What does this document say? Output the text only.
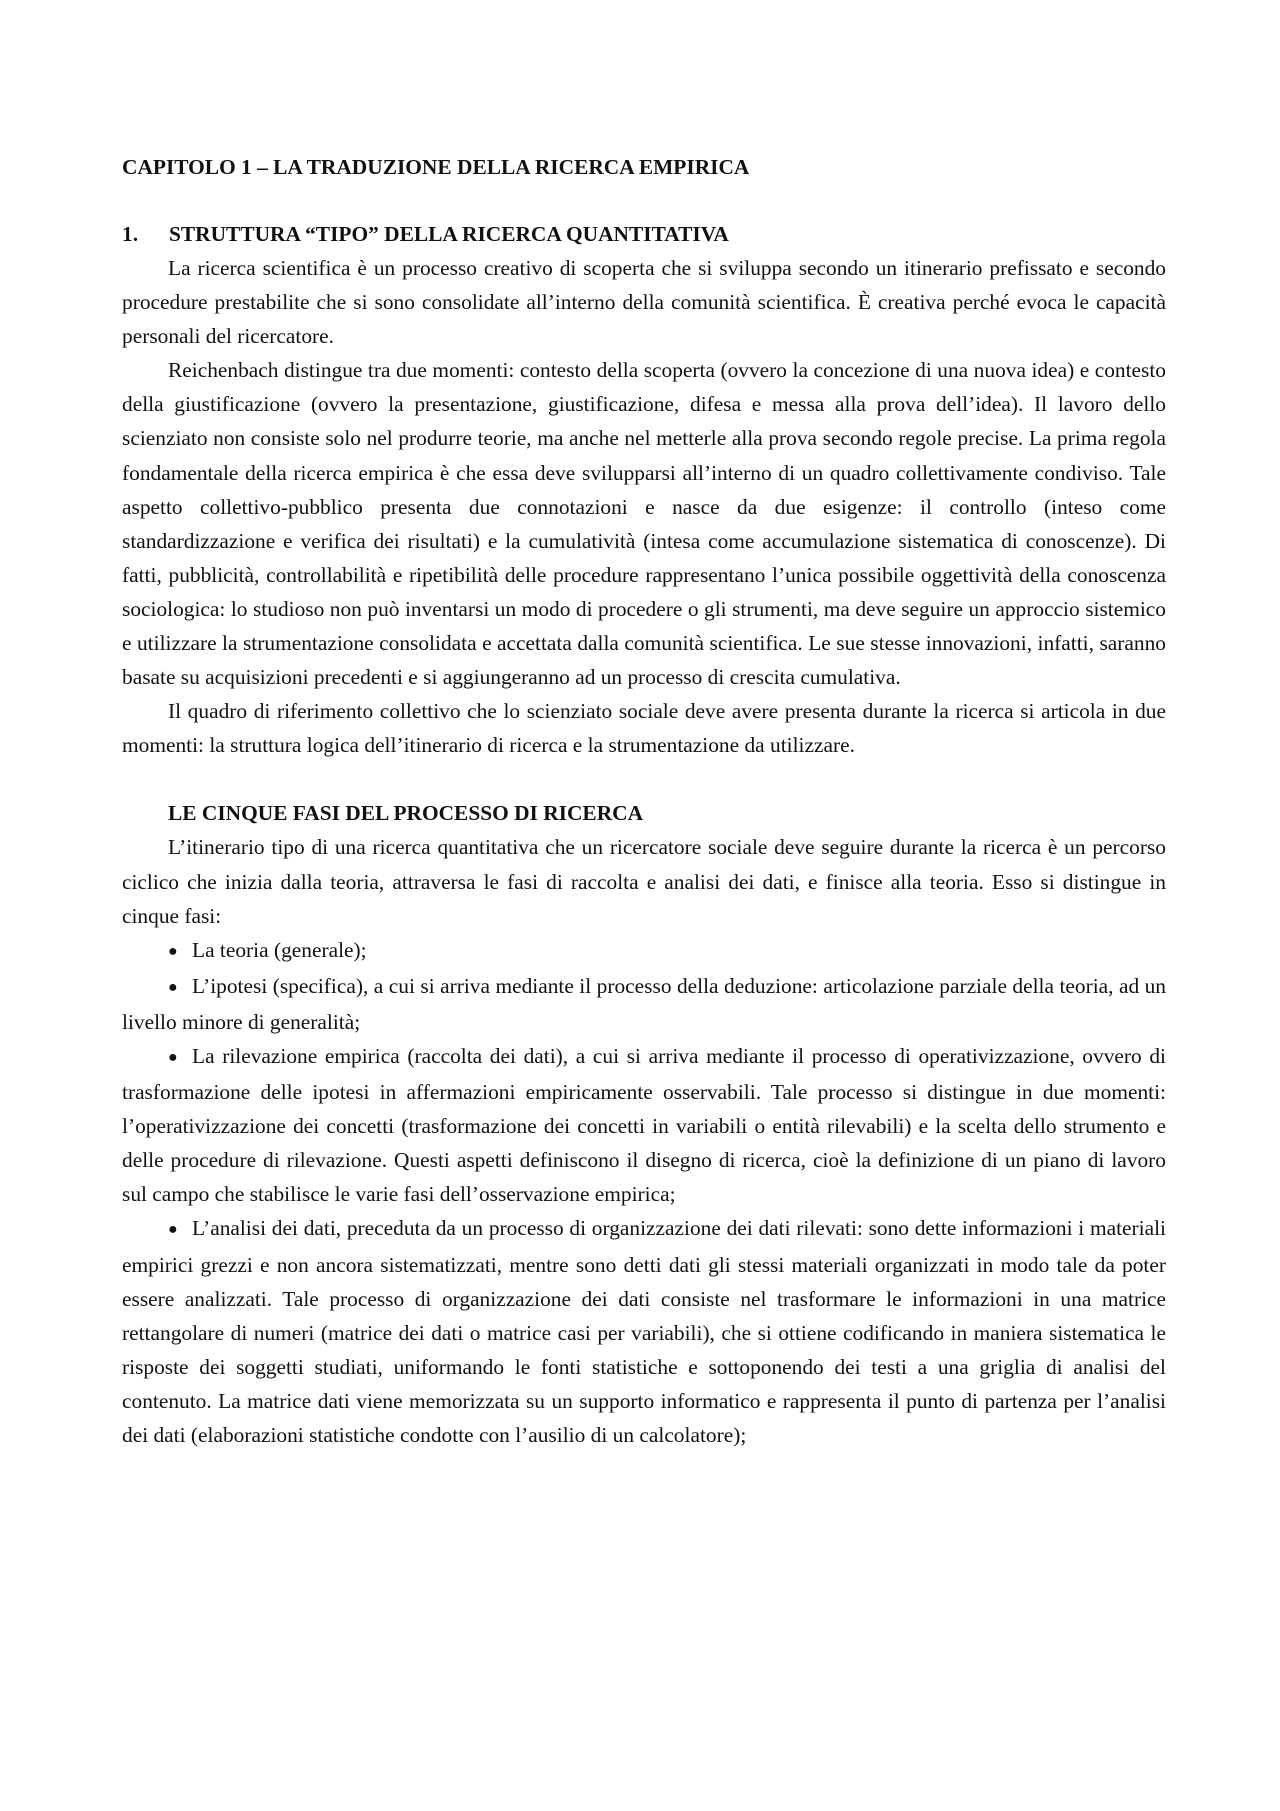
CAPITOLO 1 – LA TRADUZIONE DELLA RICERCA EMPIRICA
1. STRUTTURA “TIPO” DELLA RICERCA QUANTITATIVA

La ricerca scientifica è un processo creativo di scoperta che si sviluppa secondo un itinerario prefissato e secondo procedure prestabilite che si sono consolidate all’interno della comunità scientifica. È creativa perché evoca le capacità personali del ricercatore.

Reichenbach distingue tra due momenti: contesto della scoperta (ovvero la concezione di una nuova idea) e contesto della giustificazione (ovvero la presentazione, giustificazione, difesa e messa alla prova dell’idea). Il lavoro dello scienziato non consiste solo nel produrre teorie, ma anche nel metterle alla prova secondo regole precise. La prima regola fondamentale della ricerca empirica è che essa deve svilupparsi all’interno di un quadro collettivamente condiviso. Tale aspetto collettivo-pubblico presenta due connotazioni e nasce da due esigenze: il controllo (inteso come standardizzazione e verifica dei risultati) e la cumulatività (intesa come accumulazione sistematica di conoscenze). Di fatti, pubblicità, controllabilità e ripetibilità delle procedure rappresentano l’unica possibile oggettività della conoscenza sociologica: lo studioso non può inventarsi un modo di procedere o gli strumenti, ma deve seguire un approccio sistemico e utilizzare la strumentazione consolidata e accettata dalla comunità scientifica. Le sue stesse innovazioni, infatti, saranno basate su acquisizioni precedenti e si aggiungeranno ad un processo di crescita cumulativa.

Il quadro di riferimento collettivo che lo scienziato sociale deve avere presenta durante la ricerca si articola in due momenti: la struttura logica dell’itinerario di ricerca e la strumentazione da utilizzare.

LE CINQUE FASI DEL PROCESSO DI RICERCA

L’itinerario tipo di una ricerca quantitativa che un ricercatore sociale deve seguire durante la ricerca è un percorso ciclico che inizia dalla teoria, attraversa le fasi di raccolta e analisi dei dati, e finisce alla teoria. Esso si distingue in cinque fasi:

● La teoria (generale);

● L’ipotesi (specifica), a cui si arriva mediante il processo della deduzione: articolazione parziale della teoria, ad un livello minore di generalità;

● La rilevazione empirica (raccolta dei dati), a cui si arriva mediante il processo di operativizzazione, ovvero di trasformazione delle ipotesi in affermazioni empiricamente osservabili. Tale processo si distingue in due momenti: l’operativizzazione dei concetti (trasformazione dei concetti in variabili o entità rilevabili) e la scelta dello strumento e delle procedure di rilevazione. Questi aspetti definiscono il disegno di ricerca, cioè la definizione di un piano di lavoro sul campo che stabilisce le varie fasi dell’osservazione empirica;

● L’analisi dei dati, preceduta da un processo di organizzazione dei dati rilevati: sono dette informazioni i materiali empirici grezzi e non ancora sistematizzati, mentre sono detti dati gli stessi materiali organizzati in modo tale da poter essere analizzati. Tale processo di organizzazione dei dati consiste nel trasformare le informazioni in una matrice rettangolare di numeri (matrice dei dati o matrice casi per variabili), che si ottiene codificando in maniera sistematica le risposte dei soggetti studiati, uniformando le fonti statistiche e sottoponendo dei testi a una griglia di analisi del contenuto. La matrice dati viene memorizzata su un supporto informatico e rappresenta il punto di partenza per l’analisi dei dati (elaborazioni statistiche condotte con l’ausilio di un calcolatore);
